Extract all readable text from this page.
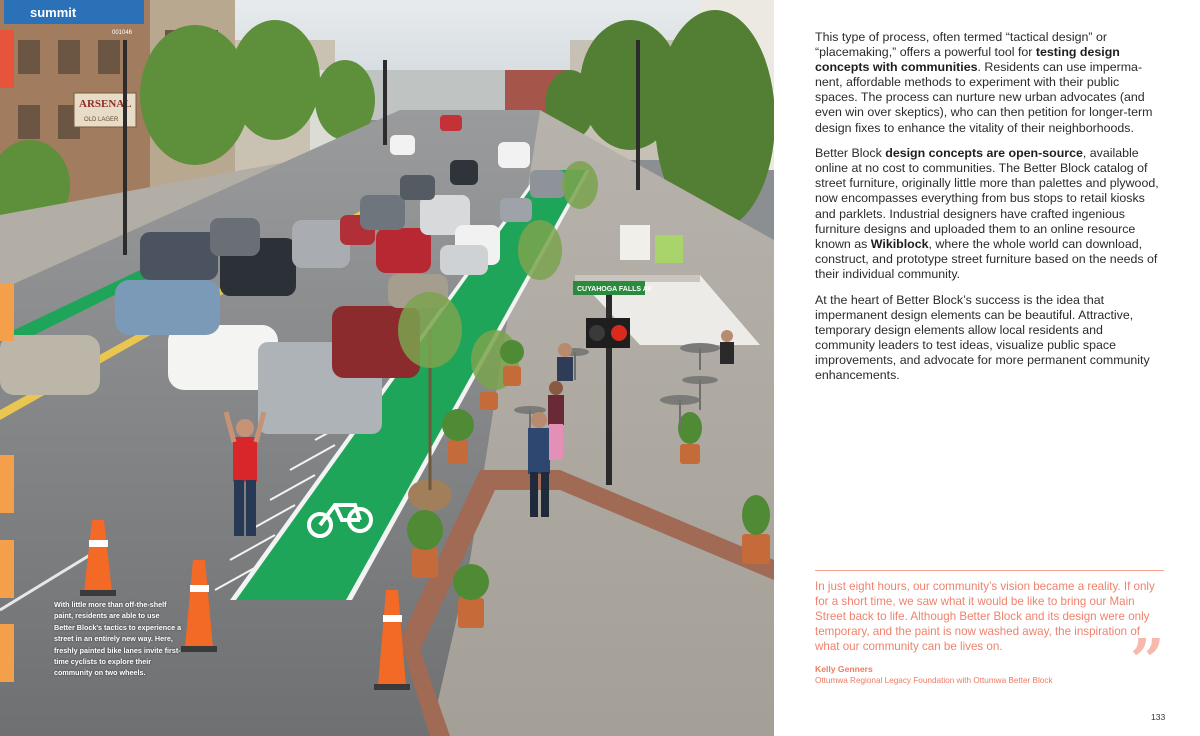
summit
001046
ARSENAL
OLD LAGER
CUYAHOGA FALLS AV
With little more than off-the-shelf paint, residents are able to use Better Block's tactics to experience a street in an entirely new way. Here, freshly painted bike lanes invite first-time cyclists to explore their community on two wheels.

This type of process, often termed “tactical design” or “placemaking,” offers a powerful tool for testing design concepts with communities. Residents can use imperma-nent, affordable methods to experiment with their public spaces. The process can nurture new urban advocates (and even win over skeptics), who can then petition for longer-term design fixes to enhance the vitality of their neighborhoods.

Better Block design concepts are open-source, available online at no cost to communities. The Better Block catalog of street furniture, originally little more than palettes and plywood, now encompasses everything from bus stops to retail kiosks and parklets. Industrial designers have crafted ingenious furniture designs and uploaded them to an online resource known as Wikiblock, where the whole world can download, construct, and prototype street furniture based on the needs of their individual community.

At the heart of Better Block’s success is the idea that impermanent design elements can be beautiful. Attractive, temporary design elements allow local residents and community leaders to test ideas, visualize public space improvements, and advocate for more permanent community enhancements.

In just eight hours, our community’s vision became a reality. If only for a short time, we saw what it would be like to bring our Main Street back to life. Although Better Block and its design were only temporary, and the paint is now washed away, the inspiration of what our community can be lives on.	”
Kelly Genners
Ottumwa Regional Legacy Foundation with Ottumwa Better Block
133
